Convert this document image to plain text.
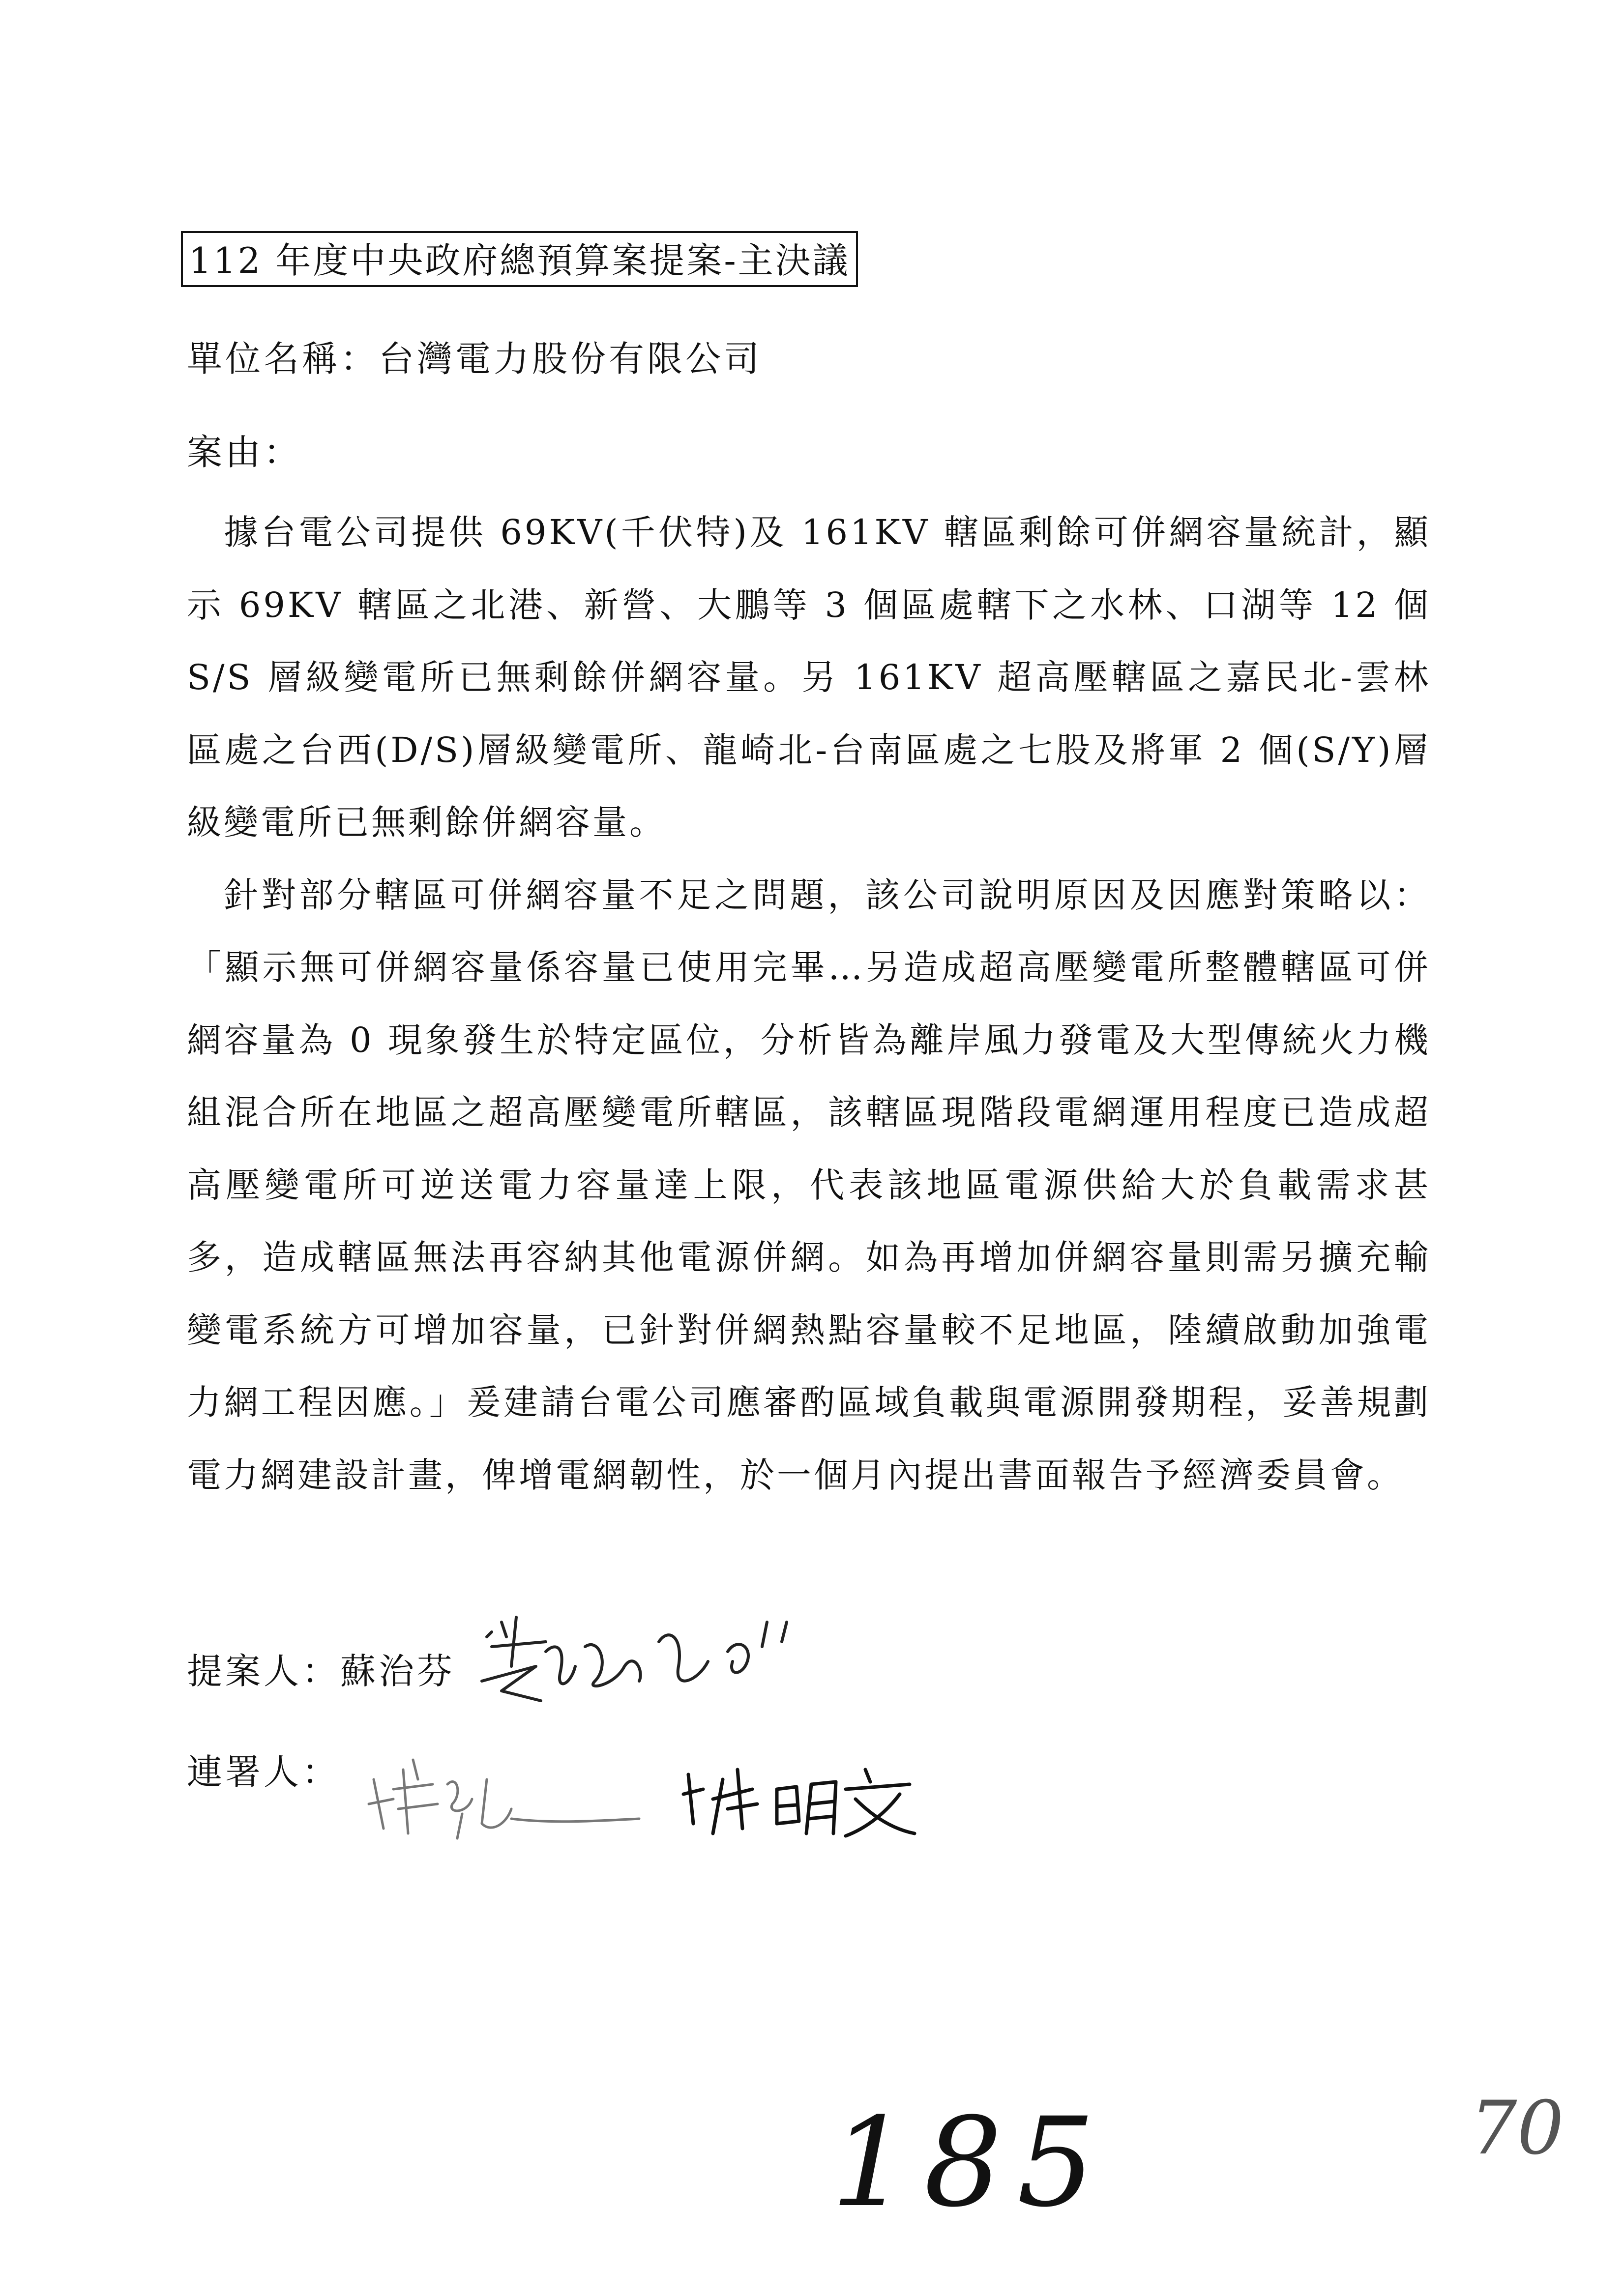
112 年度中央政府總預算案提案-主決議
單位名稱：台灣電力股份有限公司
案由：

據台電公司提供 69KV(千伏特)及 161KV 轄區剩餘可併網容量統計，顯示 69KV 轄區之北港、新營、大鵬等 3 個區處轄下之水林、口湖等 12 個 S/S 層級變電所已無剩餘併網容量。另 161KV 超高壓轄區之嘉民北-雲林區處之台西(D/S)層級變電所、龍崎北-台南區處之七股及將軍 2 個(S/Y)層級變電所已無剩餘併網容量。

針對部分轄區可併網容量不足之問題，該公司說明原因及因應對策略以：「顯示無可併網容量係容量已使用完畢…另造成超高壓變電所整體轄區可併網容量為 0 現象發生於特定區位，分析皆為離岸風力發電及大型傳統火力機組混合所在地區之超高壓變電所轄區，該轄區現階段電網運用程度已造成超高壓變電所可逆送電力容量達上限，代表該地區電源供給大於負載需求甚多，造成轄區無法再容納其他電源併網。如為再增加併網容量則需另擴充輸變電系統方可增加容量，已針對併網熱點容量較不足地區，陸續啟動加強電力網工程因應。」爰建請台電公司應審酌區域負載與電源開發期程，妥善規劃電力網建設計畫，俾增電網韌性，於一個月內提出書面報告予經濟委員會。

提案人：蘇治芬
連署人：
185	70
